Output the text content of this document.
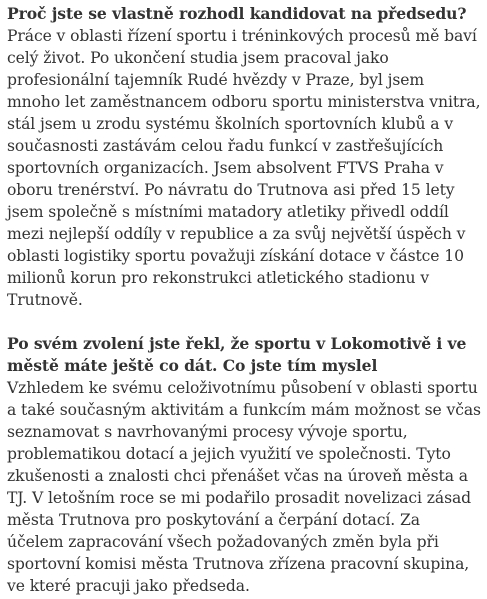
Proč jste se vlastně rozhodl kandidovat na předsedu?

Práce v oblasti řízení sportu i tréninkových procesů mě baví celý život. Po ukončení studia jsem pracoval jako profesionální tajemník Rudé hvězdy v Praze, byl jsem mnoho let zaměstnancem odboru sportu ministerstva vnitra, stál jsem u zrodu systému školních sportovních klubů a v současnosti zastávám celou řadu funkcí v zastřešujících sportovních organizacích. Jsem absolvent FTVS Praha v oboru trenérství. Po návratu do Trutnova asi před 15 lety jsem společně s místními matadory atletiky přivedl oddíl mezi nejlepší oddíly v republice a za svůj největší úspěch v oblasti logistiky sportu považuji získání dotace v částce 10 milionů korun pro rekonstrukci atletického stadionu v Trutnově.

Po svém zvolení jste řekl, že sportu v Lokomotivě i ve městě máte ještě co dát. Co jste tím myslel

Vzhledem ke svému celoživotnímu působení v oblasti sportu a také současným aktivitám a funkcím mám možnost se včas seznamovat s navrhovanými procesy vývoje sportu, problematikou dotací a jejich využití ve společnosti. Tyto zkušenosti a znalosti chci přenášet včas na úroveň města a TJ. V letošním roce se mi podařilo prosadit novelizaci zásad města Trutnova pro poskytování a čerpání dotací. Za účelem zapracování všech požadovaných změn byla při sportovní komisi města Trutnova zřízena pracovní skupina, ve které pracuji jako předseda.
